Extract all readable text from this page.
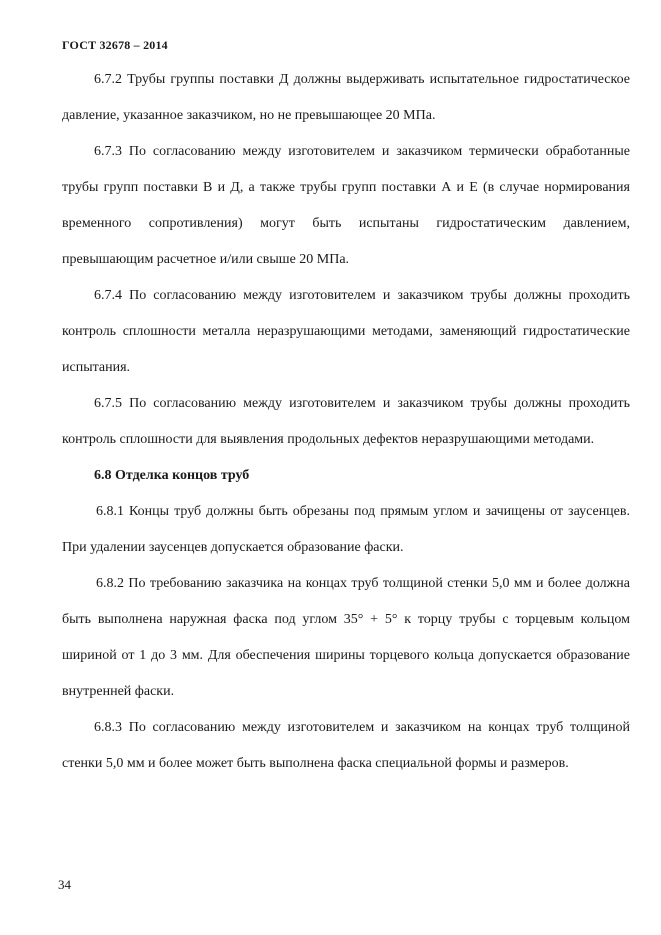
ГОСТ 32678 – 2014

6.7.2 Трубы группы поставки Д должны выдерживать испытательное гидростатическое давление, указанное заказчиком, но не превышающее 20 МПа.

6.7.3 По согласованию между изготовителем и заказчиком термически обработанные трубы групп поставки В и Д, а также трубы групп поставки А и Е (в случае нормирования временного сопротивления) могут быть испытаны гидростатическим давлением, превышающим расчетное и/или свыше 20 МПа.

6.7.4 По согласованию между изготовителем и заказчиком трубы должны проходить контроль сплошности металла неразрушающими методами, заменяющий гидростатические испытания.

6.7.5 По согласованию между изготовителем и заказчиком трубы должны проходить контроль сплошности для выявления продольных дефектов неразрушающими методами.

6.8 Отделка концов труб

6.8.1 Концы труб должны быть обрезаны под прямым углом и зачищены от заусенцев. При удалении заусенцев допускается образование фаски.

6.8.2 По требованию заказчика на концах труб толщиной стенки 5,0 мм и более должна быть выполнена наружная фаска под углом 35° + 5° к торцу трубы с торцевым кольцом шириной от 1 до 3 мм. Для обеспечения ширины торцевого кольца допускается образование внутренней фаски.

6.8.3 По согласованию между изготовителем и заказчиком на концах труб толщиной стенки 5,0 мм и более может быть выполнена фаска специальной формы и размеров.

34
